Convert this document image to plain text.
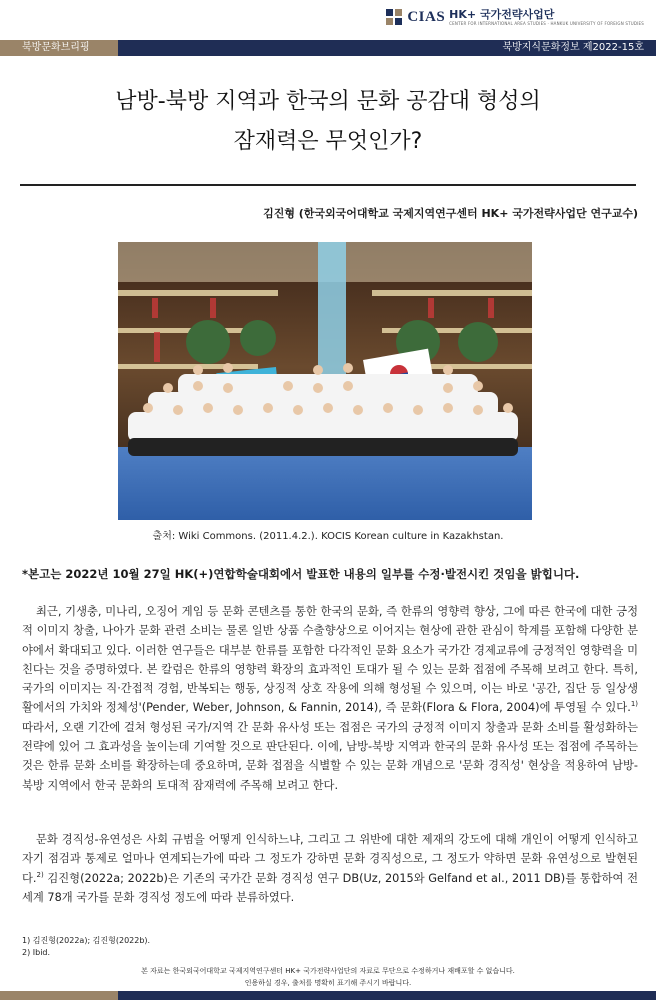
CIAS HK+ 국가전략사업단
CENTER FOR INTERNATIONAL AREA STUDIES · HANKUK UNIVERSITY OF FOREIGN STUDIES
북방문화브리핑	북방지식문화정보 제2022-15호
남방-북방 지역과 한국의 문화 공감대 형성의
잠재력은 무엇인가?
김진형 (한국외국어대학교 국제지역연구센터 HK+ 국가전략사업단 연구교수)
출처: Wiki Commons. (2011.4.2.). KOCIS Korean culture in Kazakhstan.
*본고는 2022년 10월 27일 HK(+)연합학술대회에서 발표한 내용의 일부를 수정·발전시킨 것임을 밝힙니다.

최근, 기생충, 미나리, 오징어 게임 등 문화 콘텐츠를 통한 한국의 문화, 즉 한류의 영향력 향상, 그에 따른 한국에 대한 긍정적 이미지 창출, 나아가 문화 관련 소비는 물론 일반 상품 수출향상으로 이어지는 현상에 관한 관심이 학계를 포함해 다양한 분야에서 확대되고 있다. 이러한 연구들은 대부분 한류를 포함한 다각적인 문화 요소가 국가간 경제교류에 긍정적인 영향력을 미친다는 것을 증명하였다. 본 칼럼은 한류의 영향력 확장의 효과적인 토대가 될 수 있는 문화 접점에 주목해 보려고 한다. 특히, 국가의 이미지는 직·간접적 경험, 반복되는 행동, 상징적 상호 작용에 의해 형성될 수 있으며, 이는 바로 '공간, 집단 등 일상생활에서의 가치와 정체성'(Pender, Weber, Johnson, & Fannin, 2014), 즉 문화(Flora & Flora, 2004)에 투영될 수 있다.$^{1)}$ 따라서, 오랜 기간에 걸쳐 형성된 국가/지역 간 문화 유사성 또는 접점은 국가의 긍정적 이미지 창출과 문화 소비를 활성화하는 전략에 있어 그 효과성을 높이는데 기여할 것으로 판단된다. 이에, 남방-북방 지역과 한국의 문화 유사성 또는 접점에 주목하는 것은 한류 문화 소비를 확장하는데 중요하며, 문화 접점을 식별할 수 있는 문화 개념으로 '문화 경직성' 현상을 적용하여 남방-북방 지역에서 한국 문화의 토대적 잠재력에 주목해 보려고 한다.

문화 경직성-유연성은 사회 규범을 어떻게 인식하느냐, 그리고 그 위반에 대한 제재의 강도에 대해 개인이 어떻게 인식하고 자기 점검과 통제로 얼마나 연계되는가에 따라 그 정도가 강하면 문화 경직성으로, 그 정도가 약하면 문화 유연성으로 발현된다.$^{2)}$ 김진형(2022a; 2022b)은 기존의 국가간 문화 경직성 연구 DB(Uz, 2015와 Gelfand et al., 2011 DB)를 통합하여 전 세계 78개 국가를 문화 경직성 정도에 따라 분류하였다.

1) 김진형(2022a); 김진형(2022b).
2) Ibid.
본 자료는 한국외국어대학교 국제지역연구센터 HK+ 국가전략사업단의 자료로 무단으로 수정하거나 재배포할 수 없습니다.
인용하실 경우, 출처를 명확히 표기해 주시기 바랍니다.
